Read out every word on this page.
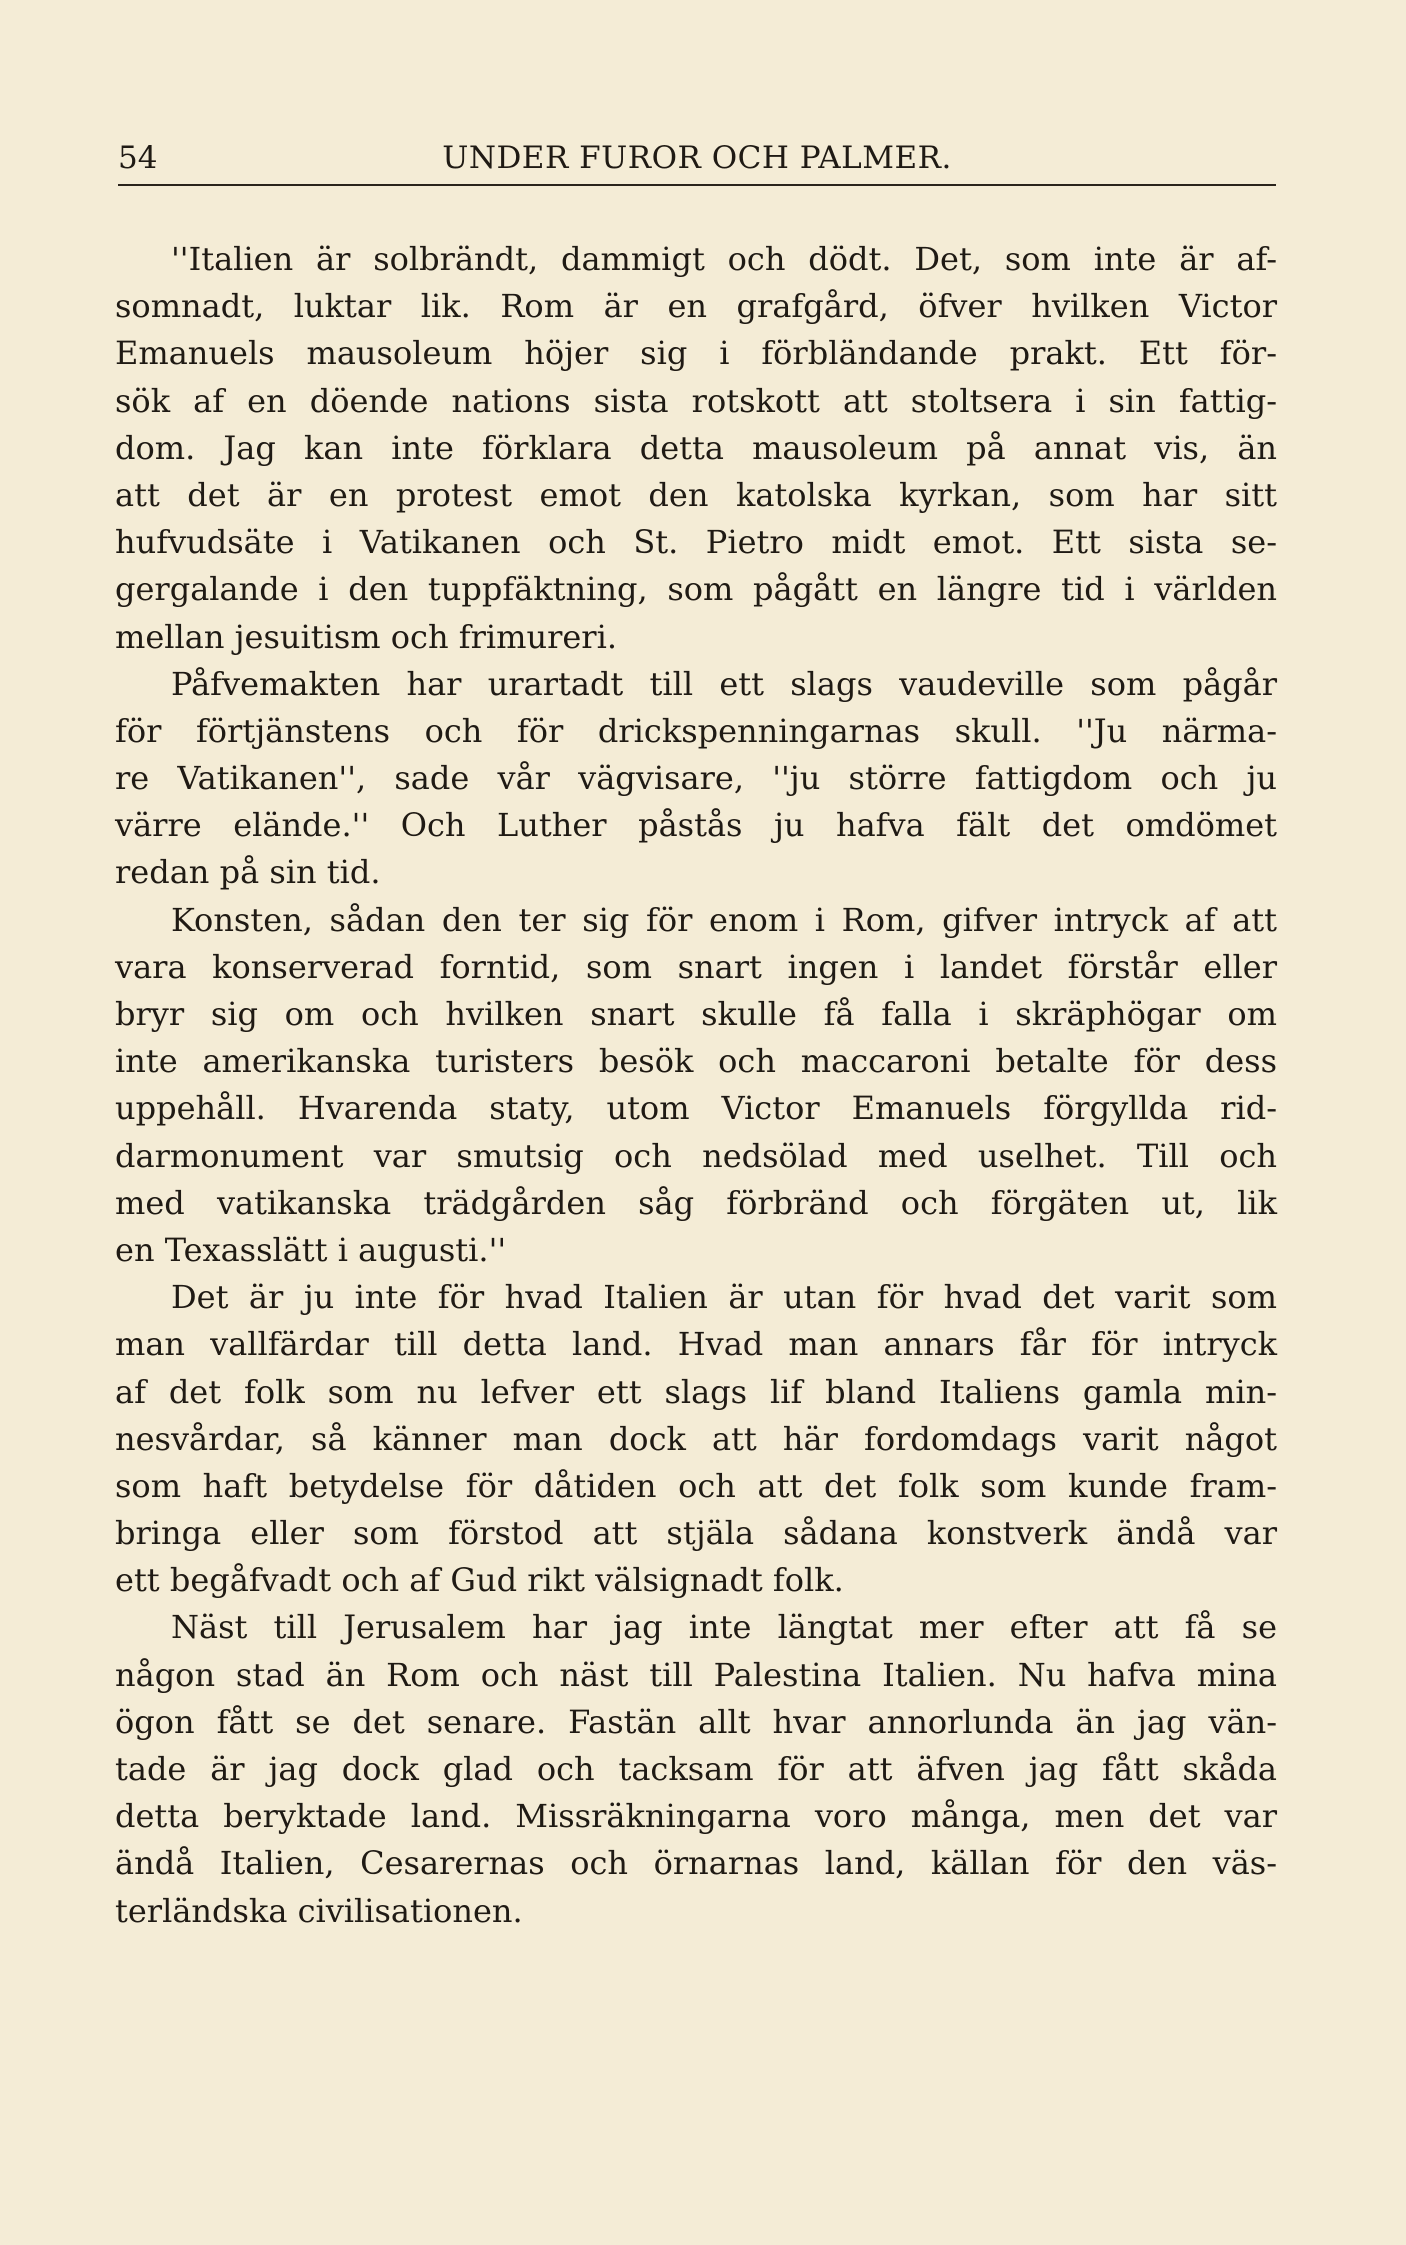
54	UNDER FUROR OCH PALMER.
''Italien är solbrändt, dammigt och dödt. Det, som inte är af-
somnadt, luktar lik. Rom är en grafgård, öfver hvilken Victor
Emanuels mausoleum höjer sig i förbländande prakt. Ett för-
sök af en döende nations sista rotskott att stoltsera i sin fattig-
dom. Jag kan inte förklara detta mausoleum på annat vis, än
att det är en protest emot den katolska kyrkan, som har sitt
hufvudsäte i Vatikanen och St. Pietro midt emot. Ett sista se-
gergalande i den tuppfäktning, som pågått en längre tid i världen
mellan jesuitism och frimureri.
Påfvemakten har urartadt till ett slags vaudeville som pågår
för förtjänstens och för drickspenningarnas skull. ''Ju närma-
re Vatikanen'', sade vår vägvisare, ''ju större fattigdom och ju
värre elände.'' Och Luther påstås ju hafva fält det omdömet
redan på sin tid.
Konsten, sådan den ter sig för enom i Rom, gifver intryck af att
vara konserverad forntid, som snart ingen i landet förstår eller
bryr sig om och hvilken snart skulle få falla i skräphögar om
inte amerikanska turisters besök och maccaroni betalte för dess
uppehåll. Hvarenda staty, utom Victor Emanuels förgyllda rid-
darmonument var smutsig och nedsölad med uselhet. Till och
med vatikanska trädgården såg förbränd och förgäten ut, lik
en Texasslätt i augusti.''
Det är ju inte för hvad Italien är utan för hvad det varit som
man vallfärdar till detta land. Hvad man annars får för intryck
af det folk som nu lefver ett slags lif bland Italiens gamla min-
nesvårdar, så känner man dock att här fordomdags varit något
som haft betydelse för dåtiden och att det folk som kunde fram-
bringa eller som förstod att stjäla sådana konstverk ändå var
ett begåfvadt och af Gud rikt välsignadt folk.
Näst till Jerusalem har jag inte längtat mer efter att få se
någon stad än Rom och näst till Palestina Italien. Nu hafva mina
ögon fått se det senare. Fastän allt hvar annorlunda än jag vän-
tade är jag dock glad och tacksam för att äfven jag fått skåda
detta beryktade land. Missräkningarna voro många, men det var
ändå Italien, Cesarernas och örnarnas land, källan för den väs-
terländska civilisationen.
